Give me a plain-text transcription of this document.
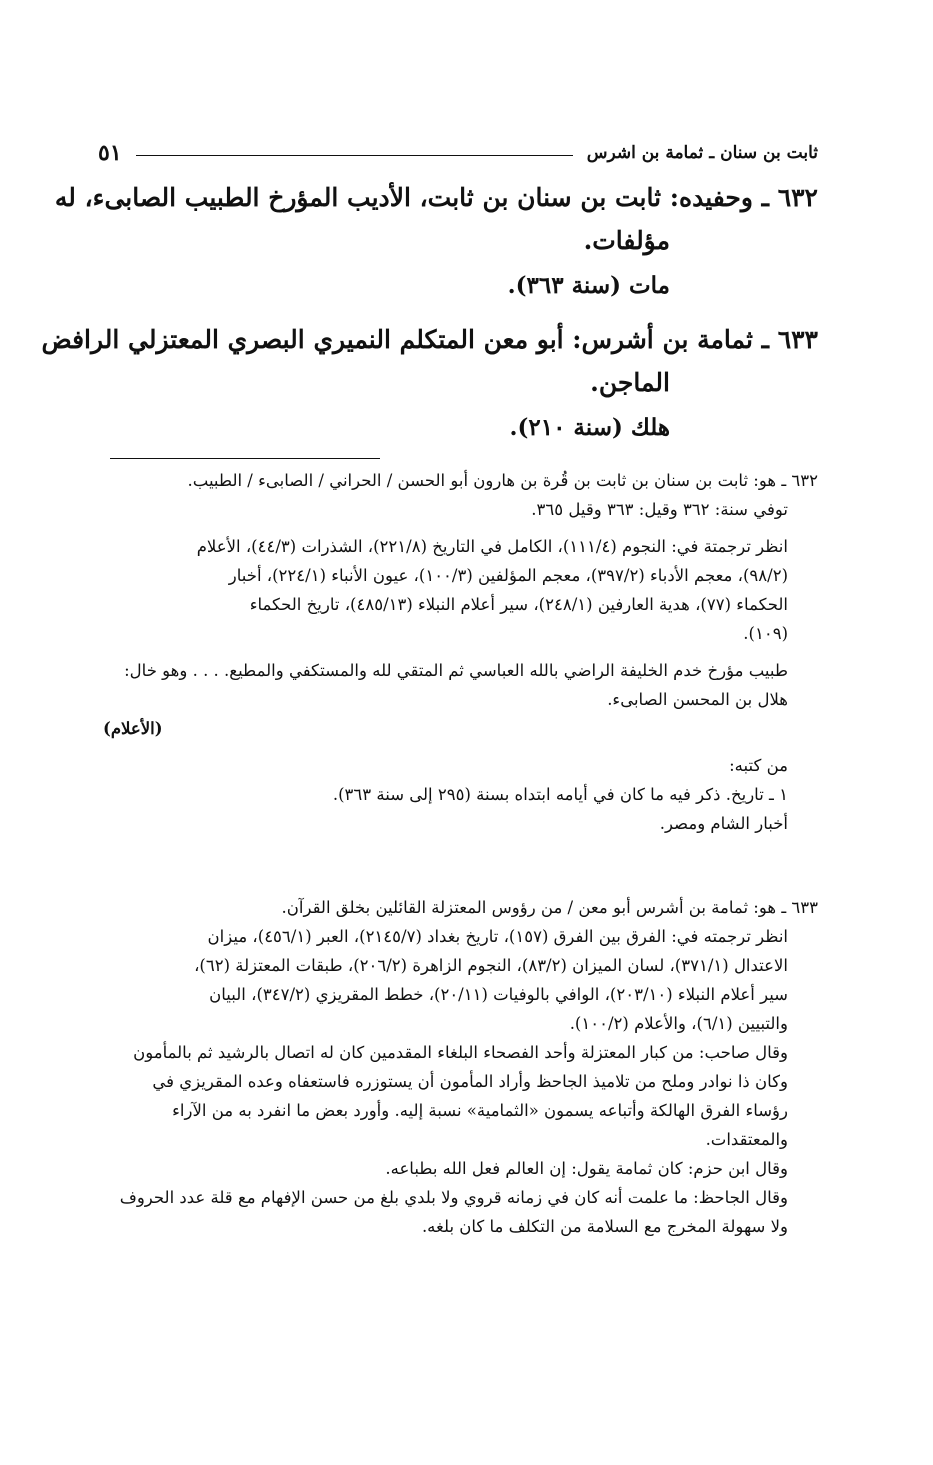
ثابت بن سنان ـ ثمامة بن اشرس
٥١
٦٣٢ ـ وحفيده: ثابت بن سنان بن ثابت، الأديب المؤرخ الطبيب الصابىء، له
مؤلفات.
مات (سنة ٣٦٣).
٦٣٣ ـ ثمامة بن أشرس: أبو معن المتكلم النميري البصري المعتزلي الرافض
الماجن.
هلك (سنة ٢١٠).

٦٣٢ ـ هو: ثابت بن سنان بن ثابت بن قُرة بن هارون أبو الحسن / الحراني / الصابىء / الطبيب.

توفي سنة: ٣٦٢ وقيل: ٣٦٣ وقيل ٣٦٥.

انظر ترجمتة في: النجوم (١١١/٤)، الكامل في التاريخ (٢٢١/٨)، الشذرات (٤٤/٣)، الأعلام

(٩٨/٢)، معجم الأدباء (٣٩٧/٢)، معجم المؤلفين (١٠٠/٣)، عيون الأنباء (٢٢٤/١)، أخبار

الحكماء (٧٧)، هدية العارفين (٢٤٨/١)، سير أعلام النبلاء (٤٨٥/١٣)، تاريخ الحكماء

(١٠٩).

طبيب مؤرخ خدم الخليفة الراضي بالله العباسي ثم المتقي لله والمستكفي والمطيع. . . . وهو خال:

هلال بن المحسن الصابىء.

(الأعلام)

من كتبه:

١ ـ تاريخ. ذكر فيه ما كان في أيامه ابتداه بسنة (٢٩٥ إلى سنة ٣٦٣).

أخبار الشام ومصر.

٦٣٣ ـ هو: ثمامة بن أشرس أبو معن / من رؤوس المعتزلة القائلين بخلق القرآن.

انظر ترجمته في: الفرق بين الفرق (١٥٧)، تاريخ بغداد (٢١٤٥/٧)، العبر (٤٥٦/١)، ميزان

الاعتدال (٣٧١/١)، لسان الميزان (٨٣/٢)، النجوم الزاهرة (٢٠٦/٢)، طبقات المعتزلة (٦٢)،

سير أعلام النبلاء (٢٠٣/١٠)، الوافي بالوفيات (٢٠/١١)، خطط المقريزي (٣٤٧/٢)، البيان

والتبيين (٦/١)، والأعلام (١٠٠/٢).

وقال صاحب: من كبار المعتزلة وأحد الفصحاء البلغاء المقدمين كان له اتصال بالرشيد ثم بالمأمون

وكان ذا نوادر وملح من تلاميذ الجاحظ وأراد المأمون أن يستوزره فاستعفاه وعده المقريزي في

رؤساء الفرق الهالكة وأتباعه يسمون «الثمامية» نسبة إليه. وأورد بعض ما انفرد به من الآراء

والمعتقدات.

وقال ابن حزم: كان ثمامة يقول: إن العالم فعل الله بطباعه.

وقال الجاحظ: ما علمت أنه كان في زمانه قروي ولا بلدي بلغ من حسن الإفهام مع قلة عدد الحروف

ولا سهولة المخرج مع السلامة من التكلف ما كان بلغه.
